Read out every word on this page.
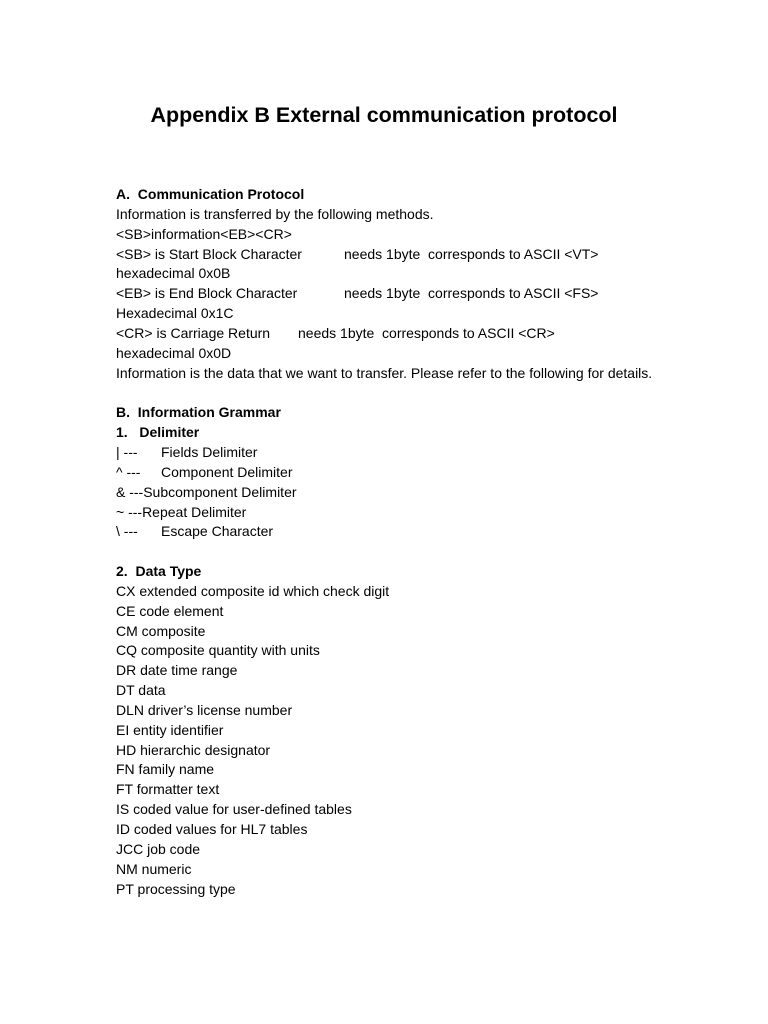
Appendix B External communication protocol
A.  Communication Protocol
Information is transferred by the following methods.
<SB>information<EB><CR>
<SB> is Start Block Character	needs 1byte  corresponds to ASCII <VT>
hexadecimal 0x0B
<EB> is End Block Character	needs 1byte  corresponds to ASCII <FS>
Hexadecimal 0x1C
<CR> is Carriage Return needs 1byte  corresponds to ASCII <CR>
hexadecimal 0x0D
Information is the data that we want to transfer. Please refer to the following for details.
B.  Information Grammar
1.   Delimiter
| --- Fields Delimiter
^ --- Component Delimiter
& ---Subcomponent Delimiter
~ ---Repeat Delimiter
\ --- Escape Character
2.  Data Type
CX extended composite id which check digit
CE code element
CM composite
CQ composite quantity with units
DR date time range
DT data
DLN driver’s license number
EI entity identifier
HD hierarchic designator
FN family name
FT formatter text
IS coded value for user-defined tables
ID coded values for HL7 tables
JCC job code
NM numeric
PT processing type
